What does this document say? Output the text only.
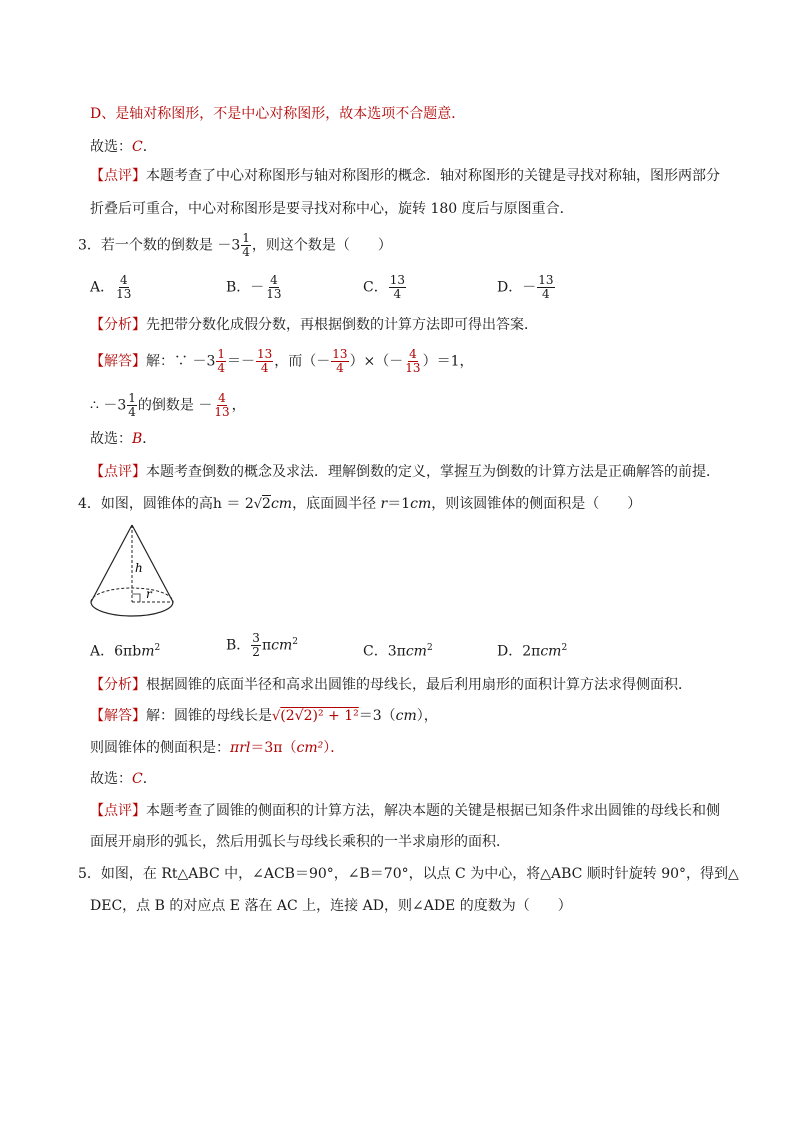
D、是轴对称图形，不是中心对称图形，故本选项不合题意．
故选：C．
【点评】本题考查了中心对称图形与轴对称图形的概念．轴对称图形的关键是寻找对称轴，图形两部分
折叠后可重合，中心对称图形是要寻找对称中心，旋转 180 度后与原图重合．
3．若一个数的倒数是 $-3 \frac{1}{4}$ ，则这个数是（　　）
A． $\frac{4}{13}$	B．－ $\frac{4}{13}$	C． $\frac{13}{4}$	D．－ $\frac{13}{4}$
【分析】先把带分数化成假分数，再根据倒数的计算方法即可得出答案．
【解答】解：∵ $-3 \frac{1}{4} =- \frac{13}{4}$ ，而（－ $\frac{13}{4}$ ）×（－ $\frac{4}{13} )=1$，
∴ $-3 \frac{1}{4}$ 的倒数是 － $\frac{4}{13}$ ，
故选：B．
【点评】本题考查倒数的概念及求法．理解倒数的定义，掌握互为倒数的计算方法是正确解答的前提．
4．如图，圆锥体的高h ＝ 2√2cm，底面圆半径 r＝1cm，则该圆锥体的侧面积是（　　）
h
r
A．6πbm$^2$	B． $\frac{3}{2} \pi cm^2$
C．3πcm$^2$	D．2πcm$^2$
【分析】根据圆锥的底面半径和高求出圆锥的母线长，最后利用扇形的面积计算方法求得侧面积．
【解答】解：圆锥的母线长是√(2√2)² + 1²＝3（cm），
则圆锥体的侧面积是：πrl＝3π（cm²）．
故选：C．
【点评】本题考查了圆锥的侧面积的计算方法，解决本题的关键是根据已知条件求出圆锥的母线长和侧
面展开扇形的弧长，然后用弧长与母线长乘积的一半求扇形的面积．
5．如图，在 Rt△ABC 中，∠ACB＝90°，∠B＝70°，以点 C 为中心，将△ABC 顺时针旋转 90°，得到△
DEC，点 B 的对应点 E 落在 AC 上，连接 AD，则∠ADE 的度数为（　　）
